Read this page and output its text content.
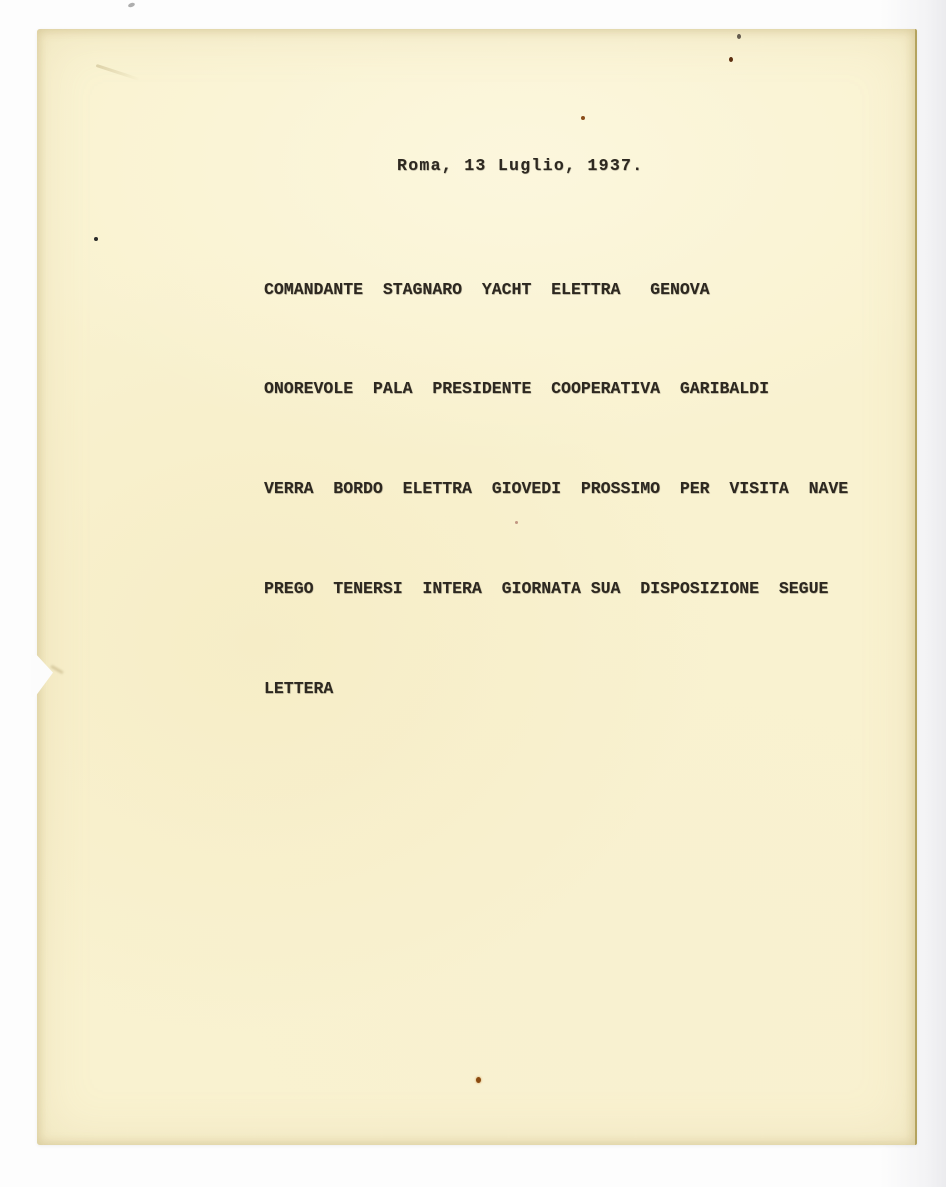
Roma, 13 Luglio, 1937.

COMANDANTE  STAGNARO  YACHT  ELETTRA   GENOVA

ONOREVOLE  PALA  PRESIDENTE  COOPERATIVA  GARIBALDI

VERRA  BORDO  ELETTRA  GIOVEDI  PROSSIMO  PER  VISITA  NAVE

PREGO  TENERSI  INTERA  GIORNATA SUA  DISPOSIZIONE  SEGUE

LETTERA
